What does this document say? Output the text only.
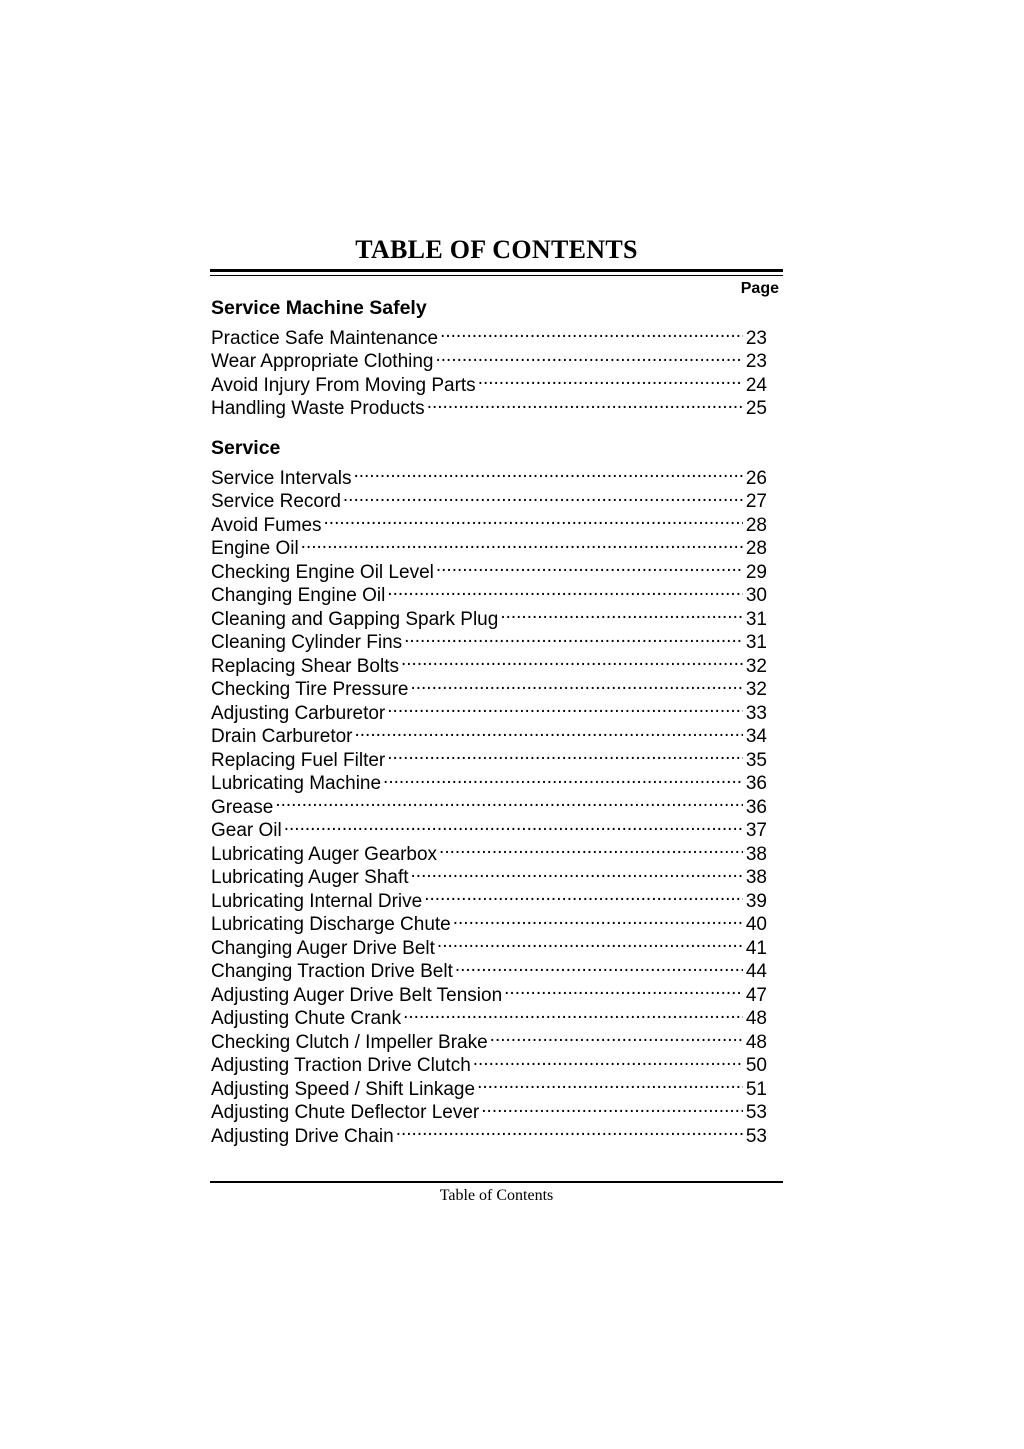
TABLE OF CONTENTS
Page
Service Machine Safely
Practice Safe Maintenance .....	23
Wear Appropriate Clothing .....	23
Avoid Injury From Moving Parts .....	24
Handling Waste Products .....	25
Service
Service Intervals .....	26
Service Record .....	27
Avoid Fumes .....	28
Engine Oil .....	28
Checking Engine Oil Level .....	29
Changing Engine Oil .....	30
Cleaning and Gapping Spark Plug .....	31
Cleaning Cylinder Fins .....	31
Replacing Shear Bolts .....	32
Checking Tire Pressure .....	32
Adjusting Carburetor .....	33
Drain Carburetor .....	34
Replacing Fuel Filter .....	35
Lubricating Machine .....	36
Grease .....	36
Gear Oil .....	37
Lubricating Auger Gearbox .....	38
Lubricating Auger Shaft .....	38
Lubricating Internal Drive .....	39
Lubricating Discharge Chute .....	40
Changing Auger Drive Belt .....	41
Changing Traction Drive Belt .....	44
Adjusting Auger Drive Belt Tension .....	47
Adjusting Chute Crank .....	48
Checking Clutch / Impeller Brake .....	48
Adjusting Traction Drive Clutch .....	50
Adjusting Speed / Shift Linkage .....	51
Adjusting Chute Deflector Lever .....	53
Adjusting Drive Chain .....	53
Table of Contents
